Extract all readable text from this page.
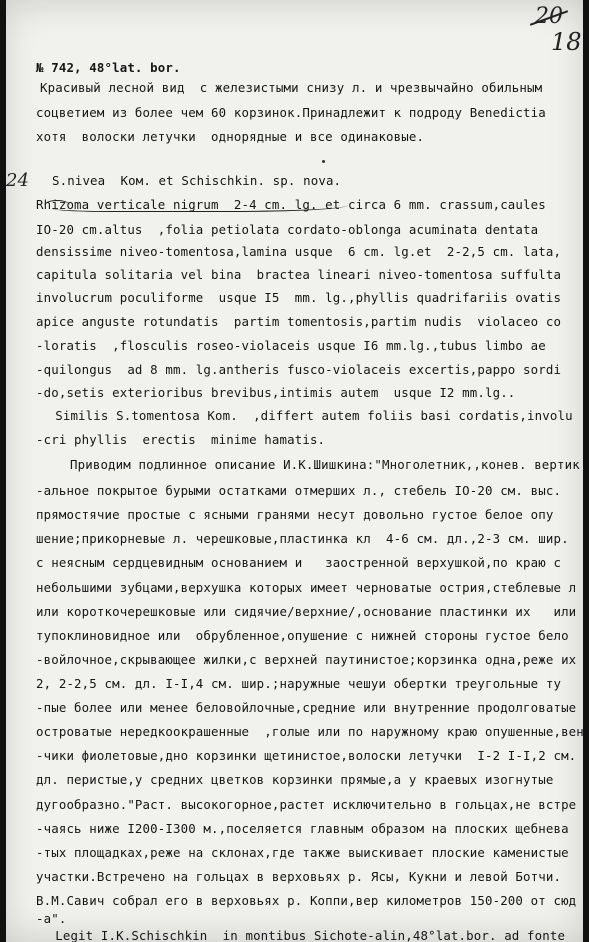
20
18
24
№ 742, 48°lat. bor.
Красивый лесной вид  с железистыми снизу л. и чрезвычайно обильным
соцветием из более чем 60 корзинок.Принадлежит к подроду Benedictia
хотя  волоски летучки  однорядные и все одинаковые.
S.nivea  Ком. et Schischkin. sp. nova.
Rhizoma verticale nigrum  2-4 cm. lg. et circa 6 mm. crassum,caules
IO-20 cm.altus  ,folia petiolata cordato-oblonga acuminata dentata
densissime niveo-tomentosa,lamina usque  6 cm. lg.et  2-2,5 cm. lata,
capitula solitaria vel bina  bractea lineari niveo-tomentosa suffulta
involucrum poculiforme  usque I5  mm. lg.,phyllis quadrifariis ovatis
apice anguste rotundatis  partim tomentosis,partim nudis  violaceo co
-loratis  ,flosculis roseo-violaceis usque I6 mm.lg.,tubus limbo ae
-quilongus  ad 8 mm. lg.antheris fusco-violaceis excertis,pappo sordi
-do,setis exterioribus brevibus,intimis autem  usque I2 mm.lg..
Similis S.tomentosa Kom.  ,differt autem foliis basi cordatis,involu
-cri phyllis  erectis  minime hamatis.
Приводим подлинное описание И.К.Шишкина:"Многолетник,,конев. вертик
-альное покрытое бурыми остатками отмерших л., стебель IO-20 см. выс.
прямостячие простые с ясными гранями несут довольно густое белое опу
шение;прикорневые л. черешковые,пластинка кл  4-6 см. дл.,2-3 см. шир.
с неясным сердцевидным основанием и   заостренной верхушкой,по краю с
небольшими зубцами,верхушка которых имеет черноватые острия,стеблевые л
или короткочерешковые или сидячие/верхние/,основание пластинки их   или
тупоклиновидное или  обрубленное,опушение с нижней стороны густое бело
-войлочное,скрывающее жилки,с верхней паутинистое;корзинка одна,реже их
2, 2-2,5 см. дл. I-I,4 см. шир.;наружные чешуи обертки треугольные ту
-пые более или менее беловойлочные,средние или внутренние продолговатые
островатые нередкоокрашенные  ,голые или по наружному краю опушенные,вен
-чики фиолетовые,дно корзинки щетинистое,волоски летучки  I-2 I-I,2 см.
дл. перистые,у средних цветков корзинки прямые,а у краевых изогнутые
дугообразно."Раст. высокогорное,растет исключительно в гольцах,не встре
-чаясь ниже I200-I300 м.,поселяется главным образом на плоских щебнева
-тых площадках,реже на склонах,где также выискивает плоские каменистые
участки.Встречено на гольцах в верховьях р. Ясы, Кукни и левой Ботчи.
В.М.Савич собрал его в верховьях р. Коппи,вер километров 150-200 от сюд
-а".
Legit I.K.Schischkin  in montibus Sichote-alin,48°lat.bor. ad fonte
